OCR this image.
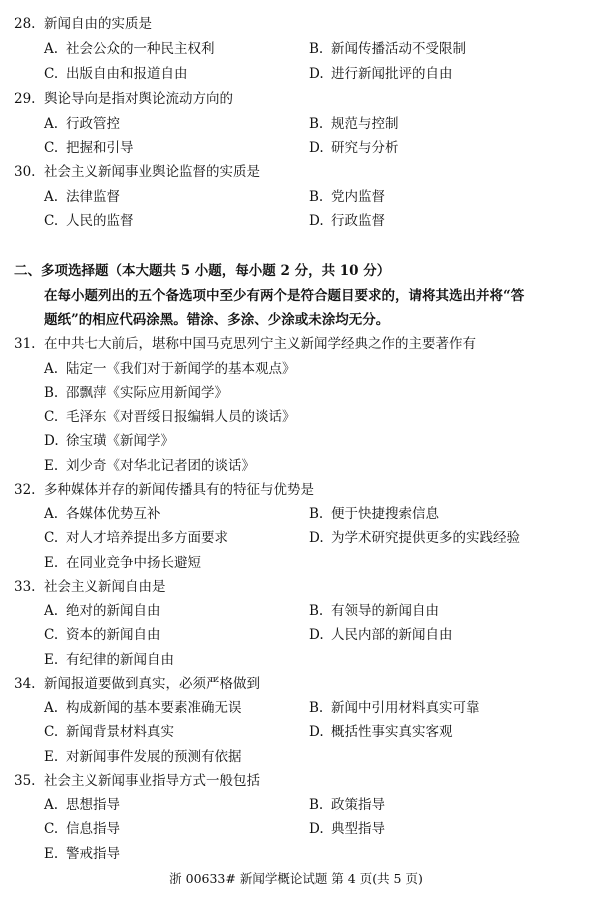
28. 新闻自由的实质是
A. 社会公众的一种民主权利	B. 新闻传播活动不受限制
C. 出版自由和报道自由	D. 进行新闻批评的自由
29. 舆论导向是指对舆论流动方向的
A. 行政管控	B. 规范与控制
C. 把握和引导	D. 研究与分析
30. 社会主义新闻事业舆论监督的实质是
A. 法律监督	B. 党内监督
C. 人民的监督	D. 行政监督
二、多项选择题（本大题共 5 小题，每小题 2 分，共 10 分）
在每小题列出的五个备选项中至少有两个是符合题目要求的，请将其选出并将“答
题纸”的相应代码涂黑。错涂、多涂、少涂或未涂均无分。
31. 在中共七大前后，堪称中国马克思列宁主义新闻学经典之作的主要著作有
A. 陆定一《我们对于新闻学的基本观点》
B. 邵飘萍《实际应用新闻学》
C. 毛泽东《对晋绥日报编辑人员的谈话》
D. 徐宝璜《新闻学》
E. 刘少奇《对华北记者团的谈话》
32. 多种媒体并存的新闻传播具有的特征与优势是
A. 各媒体优势互补	B. 便于快捷搜索信息
C. 对人才培养提出多方面要求	D. 为学术研究提供更多的实践经验
E. 在同业竞争中扬长避短
33. 社会主义新闻自由是
A. 绝对的新闻自由	B. 有领导的新闻自由
C. 资本的新闻自由	D. 人民内部的新闻自由
E. 有纪律的新闻自由
34. 新闻报道要做到真实，必须严格做到
A. 构成新闻的基本要素准确无误	B. 新闻中引用材料真实可靠
C. 新闻背景材料真实	D. 概括性事实真实客观
E. 对新闻事件发展的预测有依据
35. 社会主义新闻事业指导方式一般包括
A. 思想指导	B. 政策指导
C. 信息指导	D. 典型指导
E. 警戒指导
浙 00633# 新闻学概论试题 第 4 页(共 5 页)
